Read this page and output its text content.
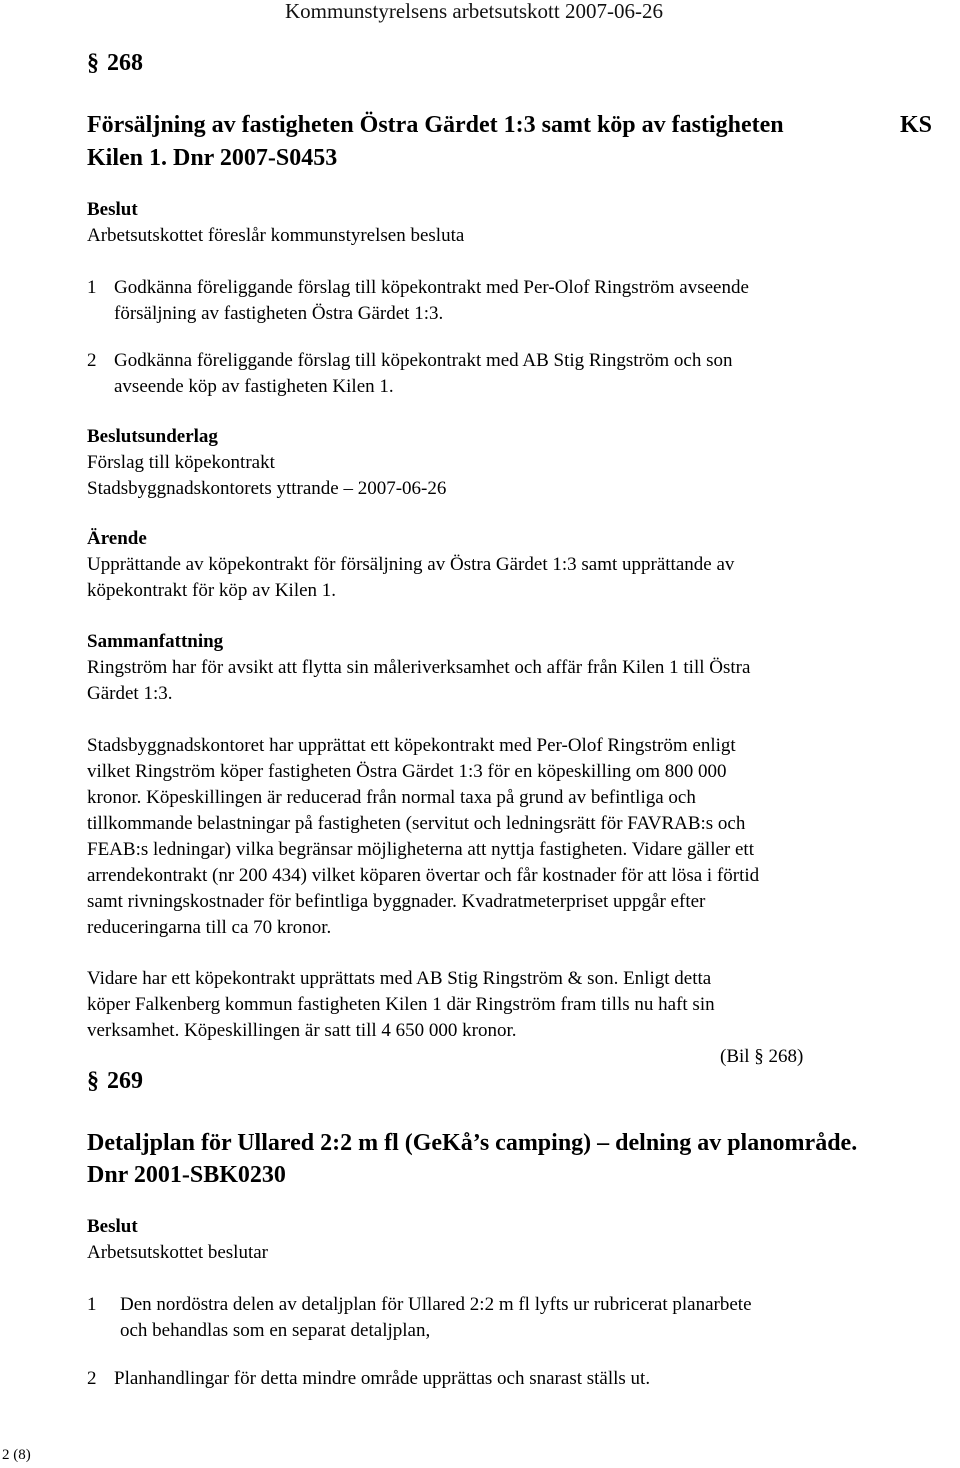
Kommunstyrelsens arbetsutskott 2007-06-26
§ 268
Försäljning av fastigheten Östra Gärdet 1:3 samt köp av fastigheten
Kilen 1. Dnr 2007-S0453
KS
Beslut
Arbetsutskottet föreslår kommunstyrelsen besluta
1 Godkänna föreliggande förslag till köpekontrakt med Per-Olof Ringström avseende
försäljning av fastigheten Östra Gärdet 1:3.
2 Godkänna föreliggande förslag till köpekontrakt med AB Stig Ringström och son
avseende köp av fastigheten Kilen 1.
Beslutsunderlag
Förslag till köpekontrakt
Stadsbyggnadskontorets yttrande – 2007-06-26
Ärende
Upprättande av köpekontrakt för försäljning av Östra Gärdet 1:3 samt upprättande av
köpekontrakt för köp av Kilen 1.
Sammanfattning
Ringström har för avsikt att flytta sin måleriverksamhet och affär från Kilen 1 till Östra
Gärdet 1:3.
Stadsbyggnadskontoret har upprättat ett köpekontrakt med Per-Olof Ringström enligt
vilket Ringström köper fastigheten Östra Gärdet 1:3 för en köpeskilling om 800 000
kronor. Köpeskillingen är reducerad från normal taxa på grund av befintliga och
tillkommande belastningar på fastigheten (servitut och ledningsrätt för FAVRAB:s och
FEAB:s ledningar) vilka begränsar möjligheterna att nyttja fastigheten. Vidare gäller ett
arrendekontrakt (nr 200 434) vilket köparen övertar och får kostnader för att lösa i förtid
samt rivningskostnader för befintliga byggnader. Kvadratmeterpriset uppgår efter
reduceringarna till ca 70 kronor.
Vidare har ett köpekontrakt upprättats med AB Stig Ringström & son. Enligt detta
köper Falkenberg kommun fastigheten Kilen 1 där Ringström fram tills nu haft sin
verksamhet. Köpeskillingen är satt till 4 650 000 kronor.
(Bil § 268)
§ 269
Detaljplan för Ullared 2:2 m fl (GeKå’s camping) – delning av planområde.
Dnr 2001-SBK0230
Beslut
Arbetsutskottet beslutar
1	Den nordöstra delen av detaljplan för Ullared 2:2 m fl lyfts ur rubricerat planarbete
och behandlas som en separat detaljplan,
2 Planhandlingar för detta mindre område upprättas och snarast ställs ut.
2 (8)
